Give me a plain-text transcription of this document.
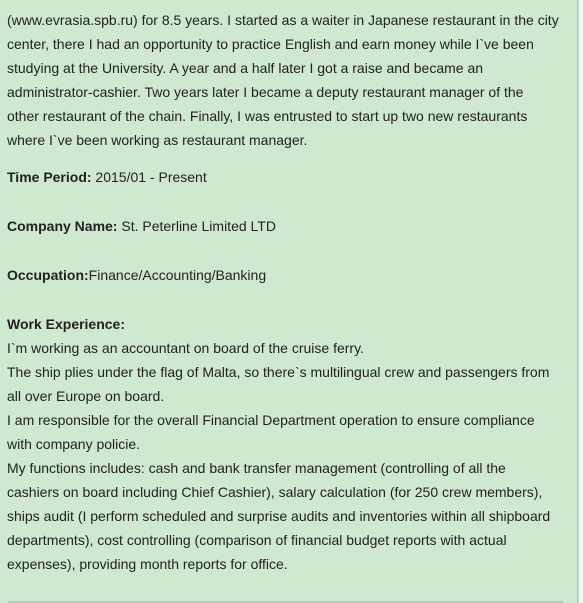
(www.evrasia.spb.ru) for 8.5 years. I started as a waiter in Japanese restaurant in the city
center, there I had an opportunity to practice English and earn money while I`ve been
studying at the University. A year and a half later I got a raise and became an
administrator-cashier. Two years later I became a deputy restaurant manager of the
other restaurant of the chain. Finally, I was entrusted to start up two new restaurants
where I`ve been working as restaurant manager.
Time Period: 2015/01 - Present
Company Name: St. Peterline Limited LTD
Occupation:Finance/Accounting/Banking
Work Experience:
I`m working as an accountant on board of the cruise ferry.
The ship plies under the flag of Malta, so there`s multilingual crew and passengers from
all over Europe on board.
I am responsible for the overall Financial Department operation to ensure compliance
with company policie.
My functions includes: cash and bank transfer management (controlling of all the
cashiers on board including Chief Cashier), salary calculation (for 250 crew members),
ships audit (I perform scheduled and surprise audits and inventories within all shipboard
departments), cost controlling (comparison of financial budget reports with actual
expenses), providing month reports for office.
